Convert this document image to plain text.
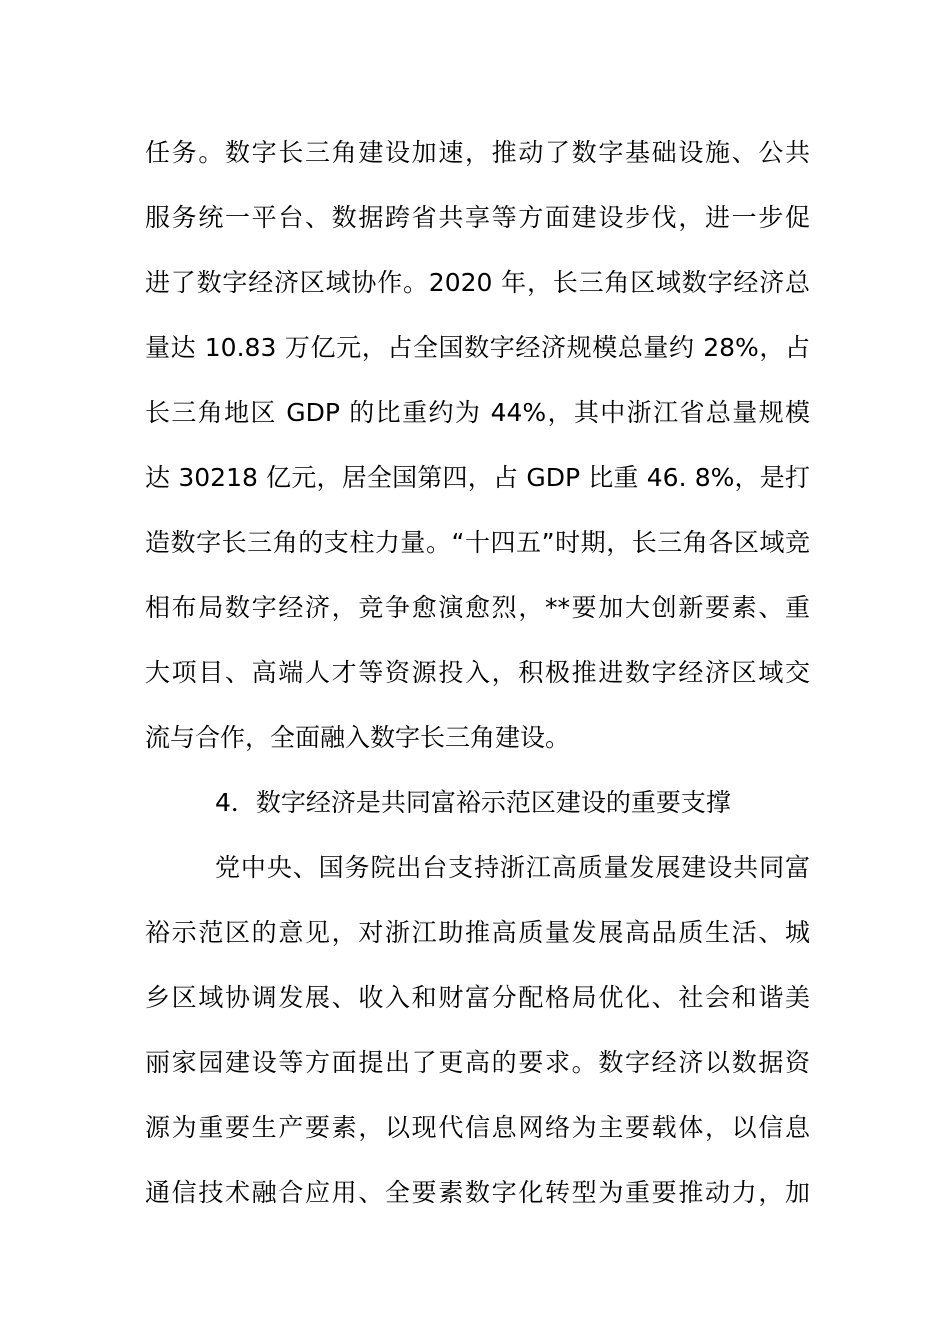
任务。数字长三角建设加速，推动了数字基础设施、公共
服务统一平台、数据跨省共享等方面建设步伐，进一步促
进了数字经济区域协作。2020 年，长三角区域数字经济总
量达 10.83 万亿元，占全国数字经济规模总量约 28%，占
长三角地区 GDP 的比重约为 44%，其中浙江省总量规模
达 30218 亿元，居全国第四，占 GDP 比重 46. 8%，是打
造数字长三角的支柱力量。“十四五”时期，长三角各区域竞
相布局数字经济，竞争愈演愈烈，**要加大创新要素、重
大项目、高端人才等资源投入，积极推进数字经济区域交
流与合作，全面融入数字长三角建设。
4．数字经济是共同富裕示范区建设的重要支撑
党中央、国务院出台支持浙江高质量发展建设共同富
裕示范区的意见，对浙江助推高质量发展高品质生活、城
乡区域协调发展、收入和财富分配格局优化、社会和谐美
丽家园建设等方面提出了更高的要求。数字经济以数据资
源为重要生产要素，以现代信息网络为主要载体，以信息
通信技术融合应用、全要素数字化转型为重要推动力，加
